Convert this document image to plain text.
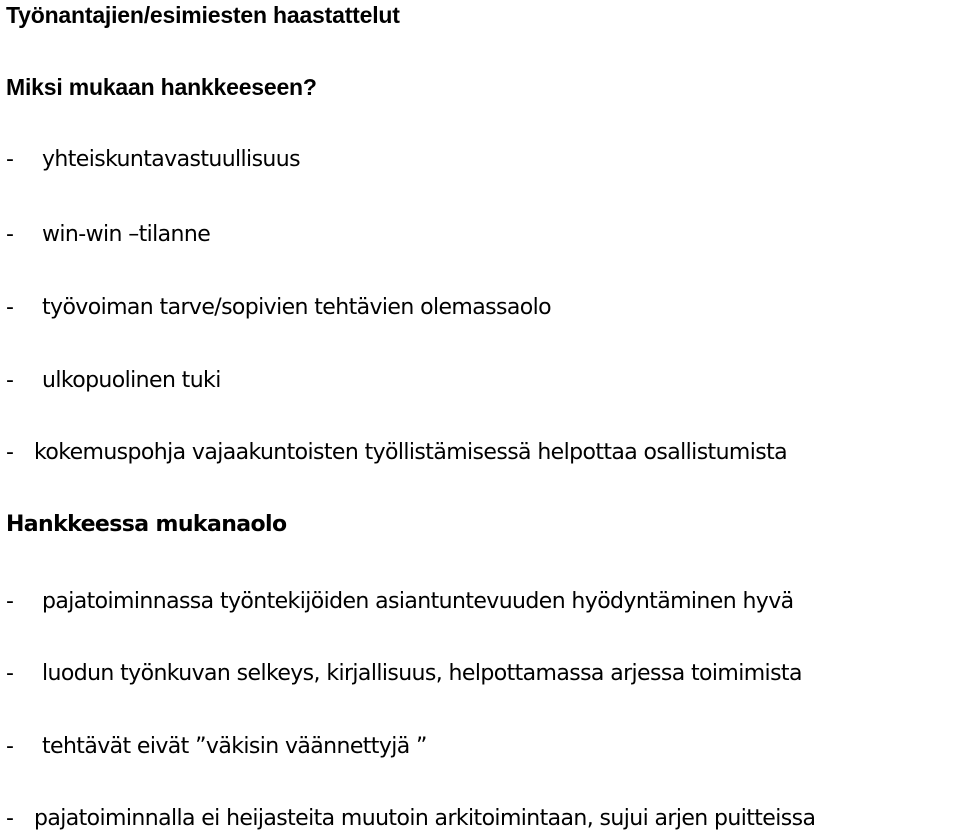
Työnantajien/esimiesten haastattelut
Miksi mukaan hankkeeseen?
- yhteiskuntavastuullisuus
- win-win –tilanne
- työvoiman tarve/sopivien tehtävien olemassaolo
- ulkopuolinen tuki
- kokemuspohja vajaakuntoisten työllistämisessä helpottaa osallistumista
Hankkeessa mukanaolo
- pajatoiminnassa työntekijöiden asiantuntevuuden hyödyntäminen hyvä
- luodun työnkuvan selkeys, kirjallisuus, helpottamassa arjessa toimimista
- tehtävät eivät ”väkisin väännettyjä ”
- pajatoiminnalla ei heijasteita muutoin arkitoimintaan, sujui arjen puitteissa
